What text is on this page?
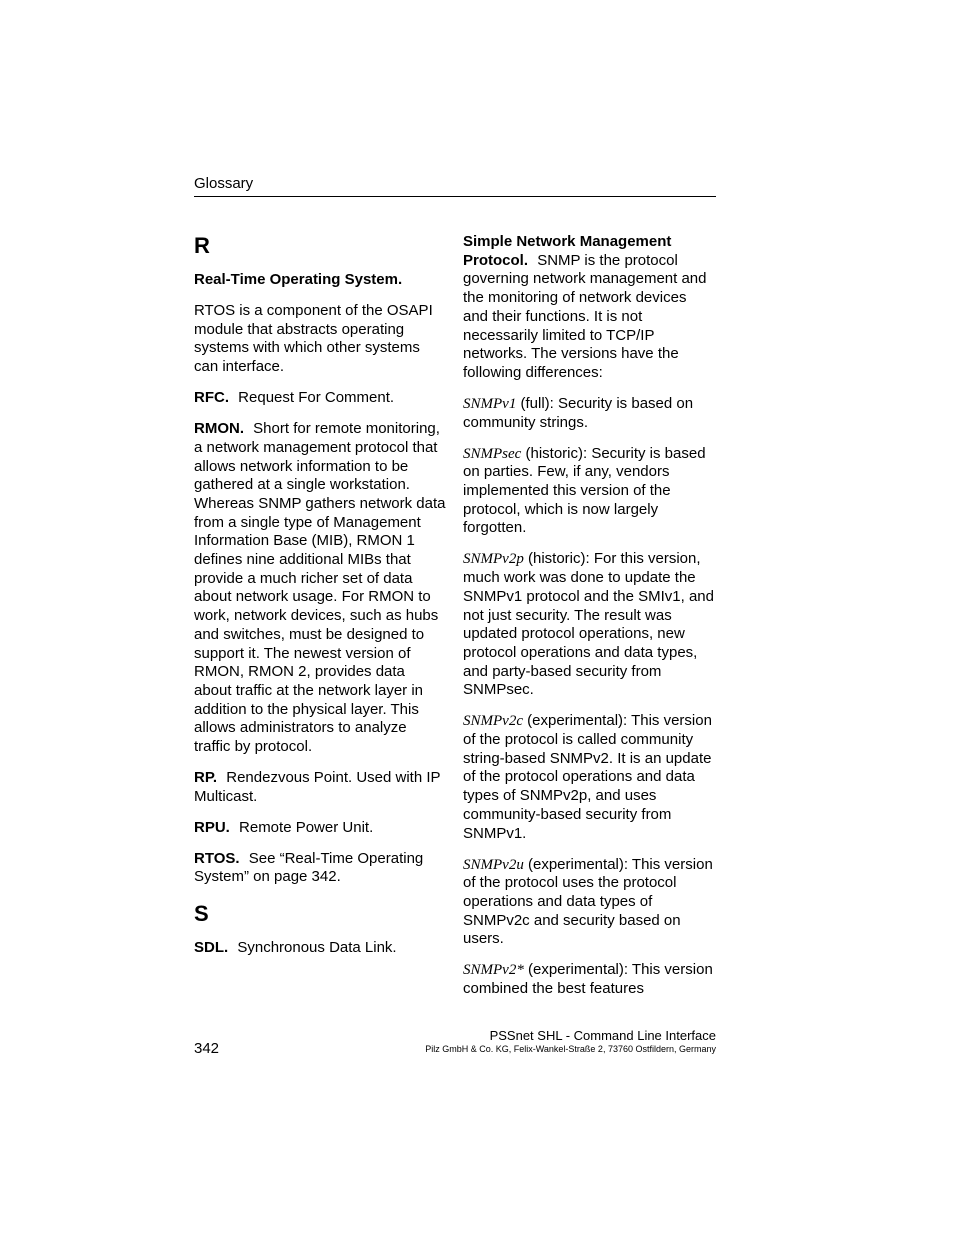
Glossary
R

Real-Time Operating System.

RTOS is a component of the OSAPI module that abstracts operating systems with which other systems can interface.

RFC. Request For Comment.

RMON. Short for remote monitoring, a network management protocol that allows network information to be gathered at a single workstation. Whereas SNMP gathers network data from a single type of Management Information Base (MIB), RMON 1 defines nine additional MIBs that provide a much richer set of data about network usage. For RMON to work, network devices, such as hubs and switches, must be designed to support it. The newest version of RMON, RMON 2, provides data about traffic at the network layer in addition to the physical layer. This allows administrators to analyze traffic by protocol.

RP. Rendezvous Point. Used with IP Multicast.

RPU. Remote Power Unit.

RTOS. See “Real-Time Operating System” on page 342.

S

SDL. Synchronous Data Link.

Simple Network Management Protocol. SNMP is the protocol governing network management and the monitoring of network devices and their functions. It is not necessarily limited to TCP/IP networks. The versions have the following differences:

SNMPv1 (full): Security is based on community strings.

SNMPsec (historic): Security is based on parties. Few, if any, vendors implemented this version of the protocol, which is now largely forgotten.

SNMPv2p (historic): For this version, much work was done to update the SNMPv1 protocol and the SMIv1, and not just security. The result was updated protocol operations, new protocol operations and data types, and party-based security from SNMPsec.

SNMPv2c (experimental): This version of the protocol is called community string-based SNMPv2. It is an update of the protocol operations and data types of SNMPv2p, and uses community-based security from SNMPv1.

SNMPv2u (experimental): This version of the protocol uses the protocol operations and data types of SNMPv2c and security based on users.

SNMPv2* (experimental): This version combined the best features

342
PSSnet SHL - Command Line Interface
Pilz GmbH & Co. KG, Felix-Wankel-Straße 2, 73760 Ostfildern, Germany
